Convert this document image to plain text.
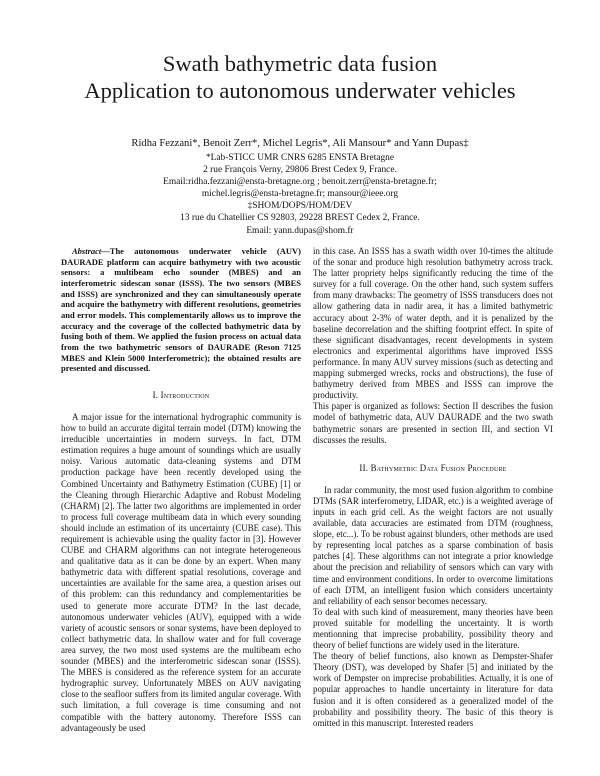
Swath bathymetric data fusion
Application to autonomous underwater vehicles
Ridha Fezzani*, Benoit Zerr*, Michel Legris*, Ali Mansour* and Yann Dupas‡
*Lab-STICC UMR CNRS 6285 ENSTA Bretagne
2 rue François Verny, 29806 Brest Cedex 9, France.
Email:ridha.fezzani@ensta-bretagne.org ; benoit.zerr@ensta-bretagne.fr;
michel.legris@ensta-bretagne.fr; mansour@ieee.org
‡SHOM/DOPS/HOM/DEV
13 rue du Chatellier CS 92803, 29228 BREST Cedex 2, France.
Email: yann.dupas@shom.fr

Abstract—The autonomous underwater vehicle (AUV) DAURADE platform can acquire bathymetry with two acoustic sensors: a multibeam echo sounder (MBES) and an interferometric sidescan sonar (ISSS). The two sensors (MBES and ISSS) are synchronized and they can simultaneously operate and acquire the bathymetry with different resolutions, geometries and error models. This complementarily allows us to improve the accuracy and the coverage of the collected bathymetric data by fusing both of them. We applied the fusion process on actual data from the two bathymetric sensors of DAURADE (Reson 7125 MBES and Klein 5000 Interferometric); the obtained results are presented and discussed.

I. Introduction

A major issue for the international hydrographic community is how to build an accurate digital terrain model (DTM) knowing the irreducible uncertainties in modern surveys. In fact, DTM estimation requires a huge amount of soundings which are usually noisy. Various automatic data-cleaning systems and DTM production package have been recently developed using the Combined Uncertainty and Bathymetry Estimation (CUBE) [1] or the Cleaning through Hierarchic Adaptive and Robust Modeling (CHARM) [2]. The latter two algorithms are implemented in order to process full coverage multibeam data in which every sounding should include an estimation of its uncertainty (CUBE case). This requirement is achievable using the quality factor in [3]. However CUBE and CHARM algorithms can not integrate heterogeneous and qualitative data as it can be done by an expert. When many bathymetric data with different spatial resolutions, coverage and uncertainties are available for the same area, a question arises out of this problem: can this redundancy and complementarities be used to generate more accurate DTM? In the last decade, autonomous underwater vehicles (AUV), equipped with a wide variety of acoustic sensors or sonar systems, have been deployed to collect bathymetric data. In shallow water and for full coverage area survey, the two most used systems are the multibeam echo sounder (MBES) and the interferometric sidescan sonar (ISSS). The MBES is considered as the reference system for an accurate hydrographic survey. Unfortunately MBES on AUV navigating close to the seafloor suffers from its limited angular coverage. With such limitation, a full coverage is time consuming and not compatible with the battery autonomy. Therefore ISSS can advantageously be used

in this case. An ISSS has a swath width over 10-times the altitude of the sonar and produce high resolution bathymetry across track. The latter propriety helps significantly reducing the time of the survey for a full coverage. On the other hand, such system suffers from many drawbacks: The geometry of ISSS transducers does not allow gathering data in nadir area, it has a limited bathymetric accuracy about 2-3% of water depth, and it is penalized by the baseline decorrelation and the shifting footprint effect. In spite of these significant disadvantages, recent developments in system electronics and experimental algorithms have improved ISSS performance. In many AUV survey missions (such as detecting and mapping submerged wrecks, rocks and obstructions), the fuse of bathymetry derived from MBES and ISSS can improve the productivity.

This paper is organized as follows: Section II describes the fusion model of bathymetric data, AUV DAURADE and the two swath bathymetric sonars are presented in section III, and section VI discusses the results.

II. Bathymetric Data Fusion Procedure

In radar community, the most used fusion algorithm to combine DTMs (SAR interferometry, LIDAR, etc.) is a weighted average of inputs in each grid cell. As the weight factors are not usually available, data accuracies are estimated from DTM (roughness, slope, etc...). To be robust against blunders, other methods are used by representing local patches as a sparse combination of basis patches [4]. These algorithms can not integrate a prior knowledge about the precision and reliability of sensors which can vary with time and environment conditions. In order to overcome limitations of each DTM, an intelligent fusion which considers uncertainty and reliability of each sensor becomes necessary.

To deal with such kind of measurement, many theories have been proved suitable for modelling the uncertainty. It is worth mentionning that imprecise probability, possibility theory and theory of belief functions are widely used in the literature.

The theory of belief functions, also known as Dempster-Shafer Theory (DST), was developed by Shafer [5] and initiated by the work of Dempster on imprecise probabilities. Actually, it is one of popular approaches to handle uncertainty in literature for data fusion and it is often considered as a generalized model of the probability and possibility theory. The basic of this theory is omitted in this manuscript. Interested readers
